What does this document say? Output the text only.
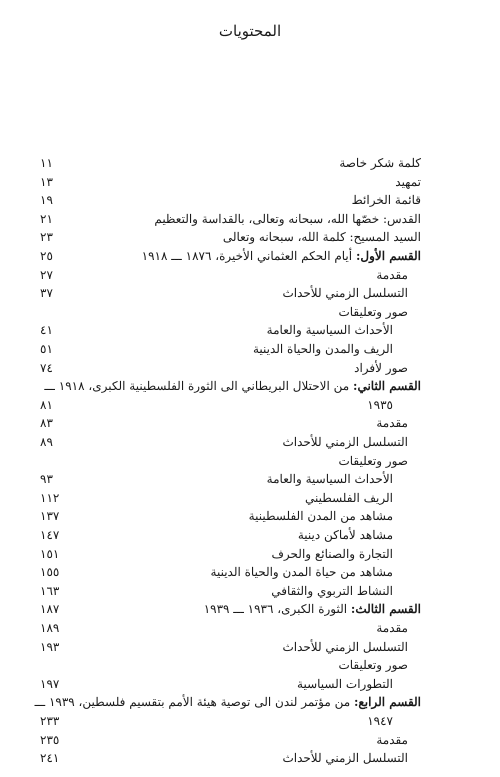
المحتويات
١١	كلمة شكر خاصة
١٣	تمهيد
١٩	قائمة الخرائط
٢١	القدس: خصّها الله، سبحانه وتعالى، بالقداسة والتعظيم
٢٣	السيد المسيح: كلمة الله، سبحانه وتعالى
٢٥	القسم الأول: أيام الحكم العثماني الأخيرة، ١٨٧٦ ـــ ١٩١٨
٢٧	مقدمة
٣٧	التسلسل الزمني للأحداث
صور وتعليقات
٤١	الأحداث السياسية والعامة
٥١	الريف والمدن والحياة الدينية
٧٤	صور لأفراد
القسم الثاني: من الاحتلال البريطاني الى الثورة الفلسطينية الكبرى، ١٩١٨ ـــ
٨١	١٩٣٥
٨٣	مقدمة
٨٩	التسلسل الزمني للأحداث
صور وتعليقات
٩٣	الأحداث السياسية والعامة
١١٢	الريف الفلسطيني
١٣٧	مشاهد من المدن الفلسطينية
١٤٧	مشاهد لأماكن دينية
١٥١	التجارة والصنائع والحرف
١٥٥	مشاهد من حياة المدن والحياة الدينية
١٦٣	النشاط التربوي والثقافي
١٨٧	القسم الثالث: الثورة الكبرى، ١٩٣٦ ـــ ١٩٣٩
١٨٩	مقدمة
١٩٣	التسلسل الزمني للأحداث
صور وتعليقات
١٩٧	التطورات السياسية
القسم الرابع: من مؤتمر لندن الى توصية هيئة الأمم بتقسيم فلسطين، ١٩٣٩ ـــ
٢٣٣	١٩٤٧
٢٣٥	مقدمة
٢٤١	التسلسل الزمني للأحداث
